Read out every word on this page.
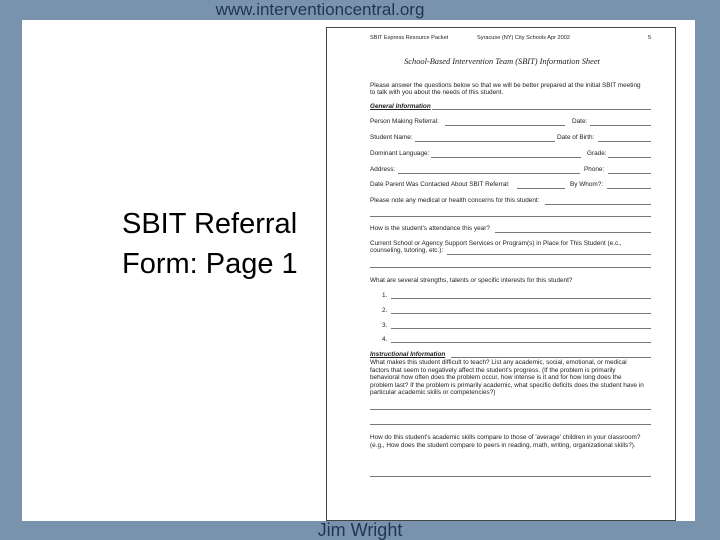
www.interventioncentral.org
SBIT Referral
Form: Page 1
SBIT Express Resource Packet	Syracuse (NY) City Schools Apr 2002	5
School-Based Intervention Team (SBIT) Information Sheet
Please answer the questions below so that we will be better prepared at the initial SBIT meeting
to talk with you about the needs of this student.
General Information
Person Making Referral:	Date:
Student Name:	Date of Birth:
Dominant Language:	Grade:
Address:	Phone:
Date Parent Was Contacted About SBIT Referral:	By Whom?:
Please note any medical or health concerns for this student:
How is the student's attendance this year?
Current School or Agency Support Services or Program(s) in Place for This Student (e.c.,
counseling, tutoring, etc.):
What are several strengths, talents or specific interests for this student?
1.
2.
3.
4.
Instructional Information
What makes this student difficult to teach? List any academic, social, emotional, or medical
factors that seem to negatively affect the student's progress. (If the problem is primarily
behavioral how often does the problem occur, how intense is it and for how long does the
problem last? If the problem is primarily academic, what specific deficits does the student have in
particular academic skills or competencies?)
How do this student's academic skills compare to those of 'average' children in your classroom?
(e.g., How does the student compare to peers in reading, math, writing, organizational skills?).
Jim Wright
